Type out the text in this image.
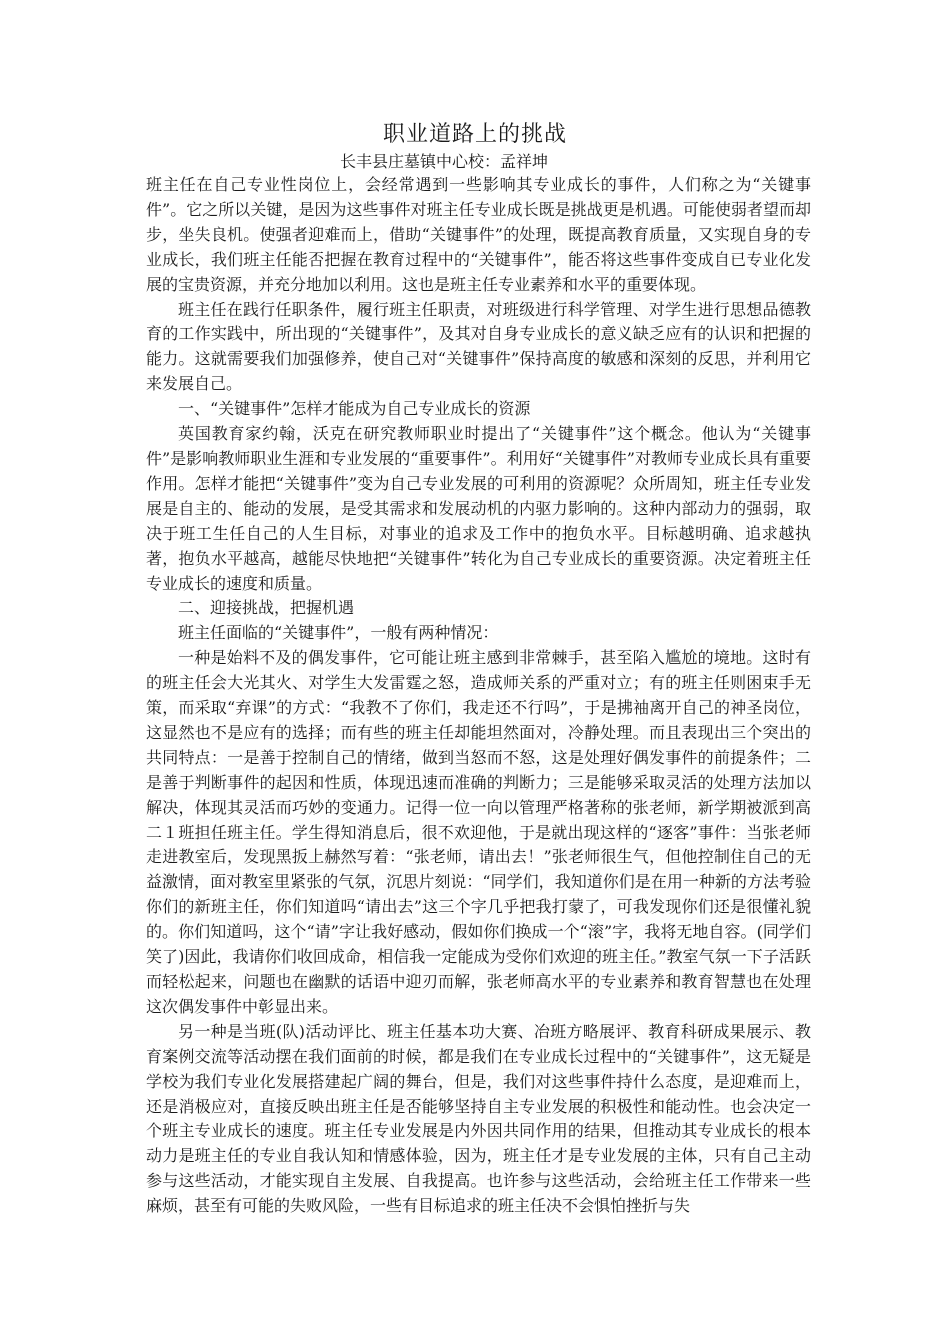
职业道路上的挑战
长丰县庄墓镇中心校：孟祥坤

班主任在自己专业性岗位上，会经常遇到一些影响其专业成长的事件，人们称之为“关键事件”。它之所以关键，是因为这些事件对班主任专业成长既是挑战更是机遇。可能使弱者望而却步，坐失良机。使强者迎难而上，借助“关键事件”的处理，既提高教育质量，又实现自身的专业成长，我们班主任能否把握在教育过程中的“关键事件”，能否将这些事件变成自已专业化发展的宝贵资源，并充分地加以利用。这也是班主任专业素养和水平的重要体现。

班主任在践行任职条件，履行班主任职责，对班级进行科学管理、对学生进行思想品德教育的工作实践中，所出现的“关键事件”，及其对自身专业成长的意义缺乏应有的认识和把握的能力。这就需要我们加强修养，使自己对“关键事件”保持高度的敏感和深刻的反思，并利用它来发展自己。

一、“关键事件”怎样才能成为自己专业成长的资源

英国教育家约翰，沃克在研究教师职业时提出了“关键事件”这个概念。他认为“关键事件”是影响教师职业生涯和专业发展的“重要事件”。利用好“关键事件”对教师专业成长具有重要作用。怎样才能把“关键事件”变为自己专业发展的可利用的资源呢？众所周知，班主任专业发展是自主的、能动的发展，是受其需求和发展动机的内驱力影响的。这种内部动力的强弱，取决于班工生任自己的人生目标，对事业的追求及工作中的抱负水平。目标越明确、追求越执著，抱负水平越高，越能尽快地把“关键事件”转化为自己专业成长的重要资源。决定着班主任专业成长的速度和质量。

二、迎接挑战，把握机遇

班主任面临的“关键事件”，一般有两种情况：

一种是始料不及的偶发事件，它可能让班主感到非常棘手，甚至陷入尴尬的境地。这时有的班主任会大光其火、对学生大发雷霆之怒，造成师关系的严重对立；有的班主任则困束手无策，而采取“弃课”的方式：“我教不了你们，我走还不行吗”，于是拂袖离开自己的神圣岗位，这显然也不是应有的选择；而有些的班主任却能坦然面对，冷静处理。而且表现出三个突出的共同特点：一是善于控制自己的情绪，做到当怒而不怒，这是处理好偶发事件的前提条件；二是善于判断事件的起因和性质，体现迅速而准确的判断力；三是能够采取灵活的处理方法加以解决，体现其灵活而巧妙的变通力。记得一位一向以管理严格著称的张老师，新学期被派到高二１班担任班主任。学生得知消息后，很不欢迎他，于是就出现这样的“逐客”事件：当张老师走进教室后，发现黑扳上赫然写着：“张老师，请出去！”张老师很生气，但他控制住自己的无益激情，面对教室里紧张的气氛，沉思片刻说：“同学们，我知道你们是在用一种新的方法考验你们的新班主任，你们知道吗“请出去”这三个字几乎把我打蒙了，可我发现你们还是很懂礼貌的。你们知道吗，这个“请”字让我好感动，假如你们换成一个“滚”字，我将无地自容。(同学们笑了)因此，我请你们收回成命，相信我一定能成为受你们欢迎的班主任。”教室气氛一下子活跃而轻松起来，问题也在幽默的话语中迎刃而解，张老师高水平的专业素养和教育智慧也在处理这次偶发事件中彰显出来。

另一种是当班(队)活动评比、班主任基本功大赛、冶班方略展评、教育科研成果展示、教育案例交流等活动摆在我们面前的时候，都是我们在专业成长过程中的“关键事件”，这无疑是学校为我们专业化发展搭建起广阔的舞台，但是，我们对这些事件持什么态度，是迎难而上，还是消极应对，直接反映出班主任是否能够坚持自主专业发展的积极性和能动性。也会决定一个班主专业成长的速度。班主任专业发展是内外因共同作用的结果，但推动其专业成长的根本动力是班主任的专业自我认知和情感体验，因为，班主任才是专业发展的主体，只有自己主动参与这些活动，才能实现自主发展、自我提高。也许参与这些活动，会给班主任工作带来一些麻烦，甚至有可能的失败风险，一些有目标追求的班主任决不会惧怕挫折与失
